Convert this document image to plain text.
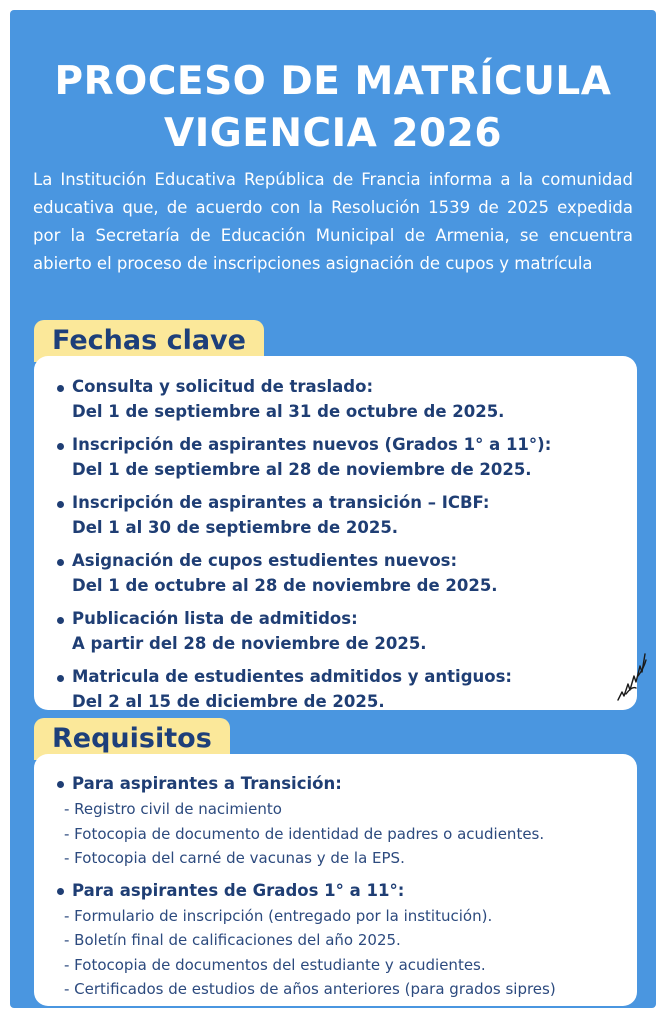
PROCESO DE MATRÍCULA
VIGENCIA 2026
La Institución Educativa República de Francia informa a la comunidad educativa que, de acuerdo con la Resolución 1539 de 2025 expedida por la Secretaría de Educación Municipal de Armenia, se encuentra abierto el proceso de inscripciones asignación de cupos y matrícula
Fechas clave
Consulta y solicitud de traslado:
Del 1 de septiembre al 31 de octubre de 2025.
Inscripción de aspirantes nuevos (Grados 1° a 11°):
Del 1 de septiembre al 28 de noviembre de 2025.
Inscripción de aspirantes a transición – ICBF:
Del 1 al 30 de septiembre de 2025.
Asignación de cupos estudientes nuevos:
Del 1 de octubre al 28 de noviembre de 2025.
Publicación lista de admitidos:
A partir del 28 de noviembre de 2025.
Matricula de estudientes admitidos y antiguos:
Del 2 al 15 de diciembre de 2025.
Requisitos
Para aspirantes a Transición:
- Registro civil de nacimiento
- Fotocopia de documento de identidad de padres o acudientes.
- Fotocopia del carné de vacunas y de la EPS.
Para aspirantes de Grados 1° a 11°:
- Formulario de inscripción (entregado por la institución).
- Boletín final de calificaciones del año 2025.
- Fotocopia de documentos del estudiante y acudientes.
- Certificados de estudios de años anteriores (para grados sipres)
